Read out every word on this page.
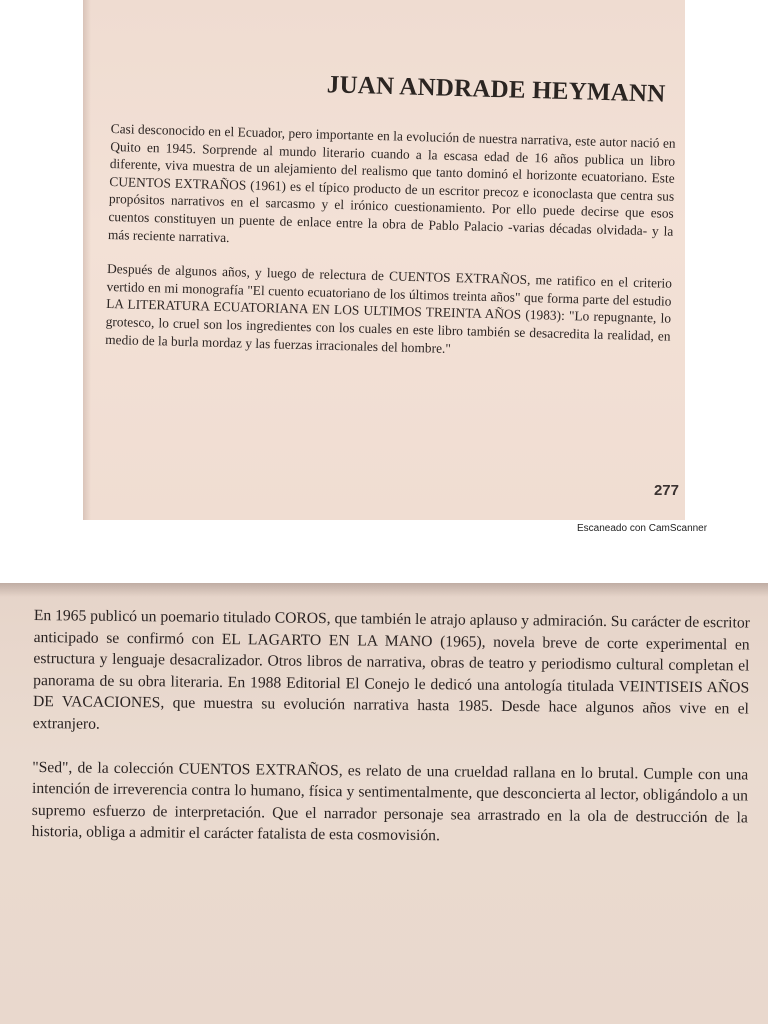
JUAN ANDRADE HEYMANN

Casi desconocido en el Ecuador, pero importante en la evolución de nuestra narrativa, este autor nació en Quito en 1945. Sorprende al mundo literario cuando a la escasa edad de 16 años publica un libro diferente, viva muestra de un alejamiento del realismo que tanto dominó el horizonte ecuatoriano. Este CUENTOS EXTRAÑOS (1961) es el típico producto de un escritor precoz e iconoclasta que centra sus propósitos narrativos en el sarcasmo y el irónico cuestionamiento. Por ello puede decirse que esos cuentos constituyen un puente de enlace entre la obra de Pablo Palacio -varias décadas olvidada- y la más reciente narrativa.

Después de algunos años, y luego de relectura de CUENTOS EXTRAÑOS, me ratifico en el criterio vertido en mi monografía "El cuento ecuatoriano de los últimos treinta años" que forma parte del estudio LA LITERATURA ECUATORIANA EN LOS ULTIMOS TREINTA AÑOS (1983): "Lo repugnante, lo grotesco, lo cruel son los ingredientes con los cuales en este libro también se desacredita la realidad, en medio de la burla mordaz y las fuerzas irracionales del hombre."

277
Escaneado con CamScanner

En 1965 publicó un poemario titulado COROS, que también le atrajo aplauso y admiración. Su carácter de escritor anticipado se confirmó con EL LAGARTO EN LA MANO (1965), novela breve de corte experimental en estructura y lenguaje desacralizador. Otros libros de narrativa, obras de teatro y periodismo cultural completan el panorama de su obra literaria. En 1988 Editorial El Conejo le dedicó una antología titulada VEINTISEIS AÑOS DE VACACIONES, que muestra su evolución narrativa hasta 1985. Desde hace algunos años vive en el extranjero.

"Sed", de la colección CUENTOS EXTRAÑOS, es relato de una crueldad rallana en lo brutal. Cumple con una intención de irreverencia contra lo humano, física y sentimentalmente, que desconcierta al lector, obligándolo a un supremo esfuerzo de interpretación. Que el narrador personaje sea arrastrado en la ola de destrucción de la historia, obliga a admitir el carácter fatalista de esta cosmovisión.
